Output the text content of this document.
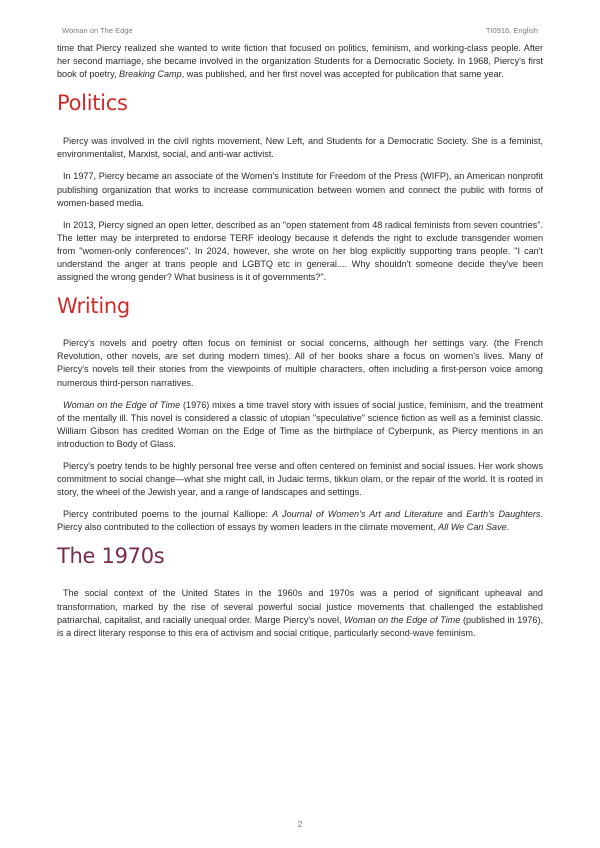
Woman on The Edge	TI0916, English

time that Piercy realized she wanted to write fiction that focused on politics, feminism, and working-class people. After her second marriage, she became involved in the organization Students for a Democratic Society. In 1968, Piercy's first book of poetry, Breaking Camp, was published, and her first novel was accepted for publication that same year.

Politics

Piercy was involved in the civil rights movement, New Left, and Students for a Democratic Society. She is a feminist, environmentalist, Marxist, social, and anti-war activist.

In 1977, Piercy became an associate of the Women's Institute for Freedom of the Press (WIFP), an American nonprofit publishing organization that works to increase communication between women and connect the public with forms of women-based media.

In 2013, Piercy signed an open letter, described as an "open statement from 48 radical feminists from seven countries". The letter may be interpreted to endorse TERF ideology because it defends the right to exclude transgender women from "women-only conferences". In 2024, however, she wrote on her blog explicitly supporting trans people. "I can't understand the anger at trans people and LGBTQ etc in general.... Why shouldn't someone decide they've been assigned the wrong gender? What business is it of governments?".

Writing

Piercy's novels and poetry often focus on feminist or social concerns, although her settings vary. (the French Revolution, other novels, are set during modern times). All of her books share a focus on women's lives. Many of Piercy's novels tell their stories from the viewpoints of multiple characters, often including a first-person voice among numerous third-person narratives.

Woman on the Edge of Time (1976) mixes a time travel story with issues of social justice, feminism, and the treatment of the mentally ill. This novel is considered a classic of utopian "speculative" science fiction as well as a feminist classic. William Gibson has credited Woman on the Edge of Time as the birthplace of Cyberpunk, as Piercy mentions in an introduction to Body of Glass.

Piercy's poetry tends to be highly personal free verse and often centered on feminist and social issues. Her work shows commitment to social change—what she might call, in Judaic terms, tikkun olam, or the repair of the world. It is rooted in story, the wheel of the Jewish year, and a range of landscapes and settings.

Piercy contributed poems to the journal Kalliope: A Journal of Women's Art and Literature and Earth's Daughters. Piercy also contributed to the collection of essays by women leaders in the climate movement, All We Can Save.

The 1970s

The social context of the United States in the 1960s and 1970s was a period of significant upheaval and transformation, marked by the rise of several powerful social justice movements that challenged the established patriarchal, capitalist, and racially unequal order. Marge Piercy's novel, Woman on the Edge of Time (published in 1976), is a direct literary response to this era of activism and social critique, particularly second-wave feminism.

2
